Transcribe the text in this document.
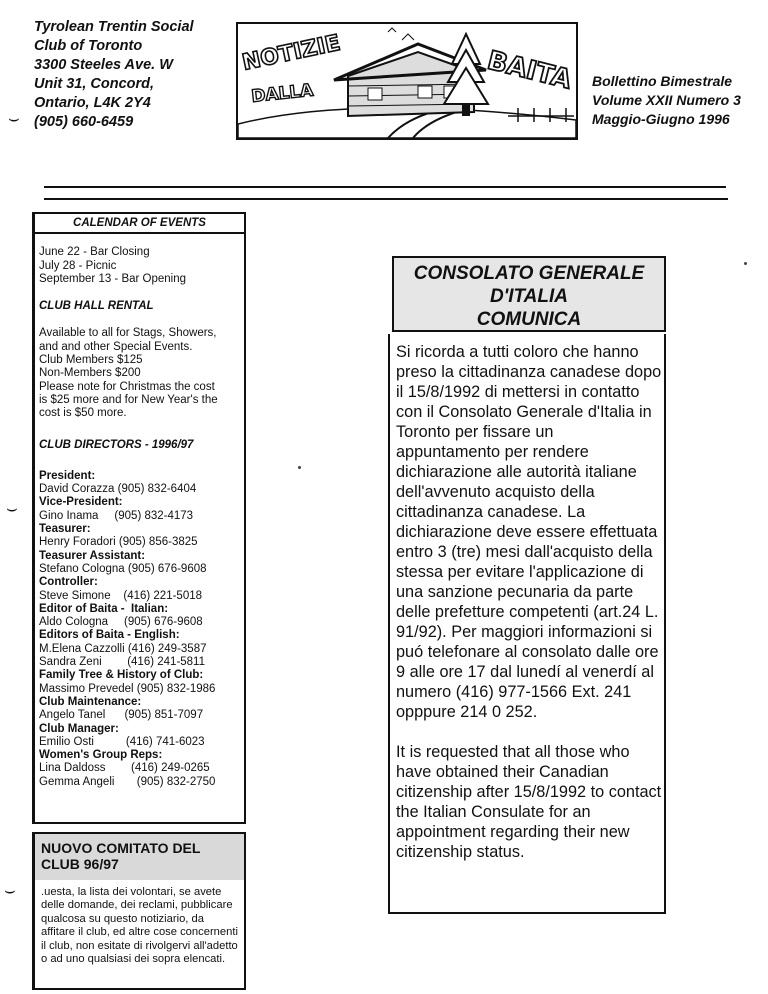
Tyrolean Trentin Social
Club of Toronto
3300 Steeles Ave. W
Unit 31, Concord,
Ontario, L4K 2Y4
(905) 660-6459
⌣
NOTIZIE
DALLA	BAITA Bollettino Bimestrale
Volume XXII Numero 3
Maggio-Giugno 1996
CALENDAR OF EVENTS
June 22 - Bar Closing
July 28 - Picnic
September 13 - Bar Opening
CLUB HALL RENTAL
Available to all for Stags, Showers,
and and other Special Events.
Club Members $125
Non-Members $200
Please note for Christmas the cost
is $25 more and for New Year's the
cost is $50 more.
CLUB DIRECTORS - 1996/97
President:
David Corazza (905) 832-6404
Vice-President:
Gino Inama     (905) 832-4173
Teasurer:
Henry Foradori (905) 856-3825
Teasurer Assistant:
Stefano Cologna (905) 676-9608
Controller:
Steve Simone    (416) 221-5018
Editor of Baita -  Italian:
Aldo Cologna     (905) 676-9608
Editors of Baita - English:
M.Elena Cazzolli (416) 249-3587
Sandra Zeni        (416) 241-5811
Family Tree & History of Club:
Massimo Prevedel (905) 832-1986
Club Maintenance:
Angelo Tanel      (905) 851-7097
Club Manager:
Emilio Osti          (416) 741-6023
Women's Group Reps:
Lina Daldoss        (416) 249-0265
Gemma Angeli       (905) 832-2750
⌣
NUOVO COMITATO DEL CLUB 96/97
.uesta, la lista dei volontari, se avete delle domande, dei reclami, pubblicare qualcosa su questo notiziario, da affitare il club, ed altre cose concernenti il club, non esitate di rivolgervi all'adetto o ad uno qualsiasi dei sopra elencati.
⌣
CONSOLATO GENERALE
D'ITALIA
COMUNICA

Si ricorda a tutti coloro che hanno preso la cittadinanza canadese dopo il 15/8/1992 di mettersi in contatto con il Consolato Generale d'Italia in Toronto per fissare un appuntamento per rendere dichiarazione alle autorità italiane dell'avvenuto acquisto della cittadinanza canadese. La dichiarazione deve essere effettuata entro 3 (tre) mesi dall'acquisto della stessa per evitare l'applicazione di una sanzione pecunaria da parte delle prefetture competenti (art.24 L. 91/92). Per maggiori informazioni si puó telefonare al consolato dalle ore 9 alle ore 17 dal lunedí al venerdí al numero (416) 977-1566 Ext. 241 opppure 214 0 252.

It is requested that all those who have obtained their Canadian citizenship after 15/8/1992 to contact the Italian Consulate for an appointment regarding their new citizenship status.
